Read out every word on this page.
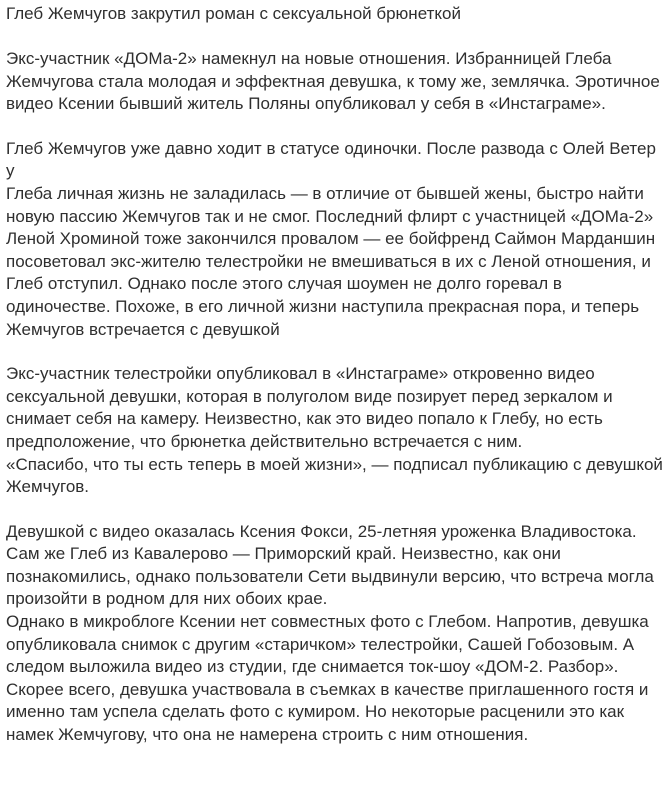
Глеб Жемчугов закрутил роман с сексуальной брюнеткой

Экс-участник «ДОМа-2» намекнул на новые отношения. Избранницей Глеба
Жемчугова стала молодая и эффектная девушка, к тому же, землячка. Эротичное
видео Ксении бывший житель Поляны опубликовал у себя в «Инстаграме».

Глеб Жемчугов уже давно ходит в статусе одиночки. После развода с Олей Ветер у
Глеба личная жизнь не заладилась — в отличие от бывшей жены, быстро найти
новую пассию Жемчугов так и не смог. Последний флирт с участницей «ДОМа-2»
Леной Хроминой тоже закончился провалом — ее бойфренд Саймон Марданшин
посоветовал экс-жителю телестройки не вмешиваться в их с Леной отношения, и
Глеб отступил. Однако после этого случая шоумен не долго горевал в
одиночестве. Похоже, в его личной жизни наступила прекрасная пора, и теперь
Жемчугов встречается с девушкой

Экс-участник телестройки опубликовал в «Инстаграме» откровенно видео
сексуальной девушки, которая в полуголом виде позирует перед зеркалом и
снимает себя на камеру. Неизвестно, как это видео попало к Глебу, но есть
предположение, что брюнетка действительно встречается с ним.
«Спасибо, что ты есть теперь в моей жизни», — подписал публикацию с девушкой
Жемчугов.

Девушкой с видео оказалась Ксения Фокси, 25-летняя уроженка Владивостока.
Сам же Глеб из Кавалерово — Приморский край. Неизвестно, как они
познакомились, однако пользователи Сети выдвинули версию, что встреча могла
произойти в родном для них обоих крае.
Однако в микроблоге Ксении нет совместных фото с Глебом. Напротив, девушка
опубликовала снимок с другим «старичком» телестройки, Сашей Гобозовым. А
следом выложила видео из студии, где снимается ток-шоу «ДОМ-2. Разбор».
Скорее всего, девушка участвовала в съемках в качестве приглашенного гостя и
именно там успела сделать фото с кумиром. Но некоторые расценили это как
намек Жемчугову, что она не намерена строить с ним отношения.
